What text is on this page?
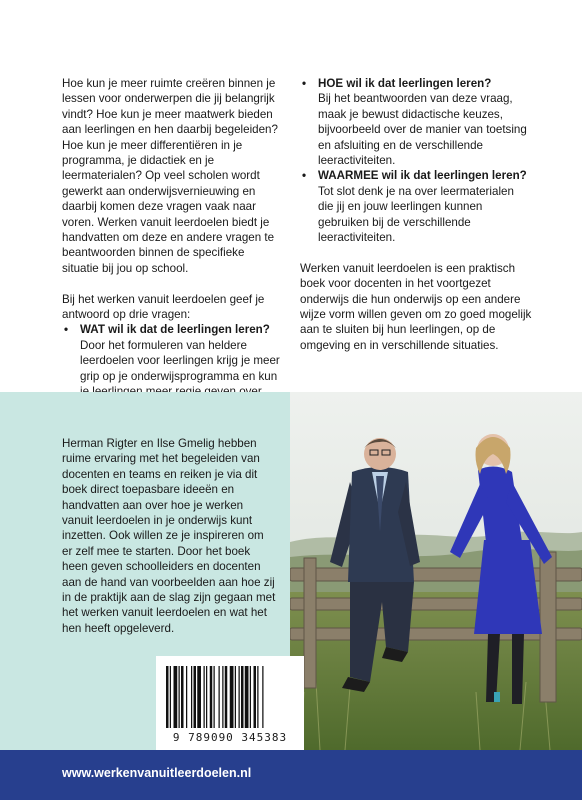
Hoe kun je meer ruimte creëren binnen je lessen voor onderwerpen die jij belangrijk vindt? Hoe kun je meer maatwerk bieden aan leerlingen en hen daarbij begeleiden? Hoe kun je meer differentiëren in je programma, je didactiek en je leermaterialen? Op veel scholen wordt gewerkt aan onderwijsvernieuwing en daarbij komen deze vragen vaak naar voren. Werken vanuit leerdoelen biedt je handvatten om deze en andere vragen te beantwoorden binnen de specifieke situatie bij jou op school.

Bij het werken vanuit leerdoelen geef je antwoord op drie vragen:

• WAT wil ik dat de leerlingen leren?
Door het formuleren van heldere leerdoelen voor leerlingen krijg je meer grip op je onderwijsprogramma en kun
• HOE wil ik dat leerlingen leren?
Bij het beantwoorden van deze vraag, maak je bewust didactische keuzes, bijvoorbeeld over de manier van toetsing en afsluiting en de verschillende leeractiviteiten.
• WAARMEE wil ik dat leerlingen leren?
Tot slot denk je na over leermaterialen die jij en jouw leerlingen kunnen gebruiken bij de verschillende leeractiviteiten.

Werken vanuit leerdoelen is een praktisch boek voor docenten in het voortgezet onderwijs die hun onderwijs op een andere wijze vorm willen geven om zo goed mogelijk aan te sluiten bij hun leerlingen, op de omgeving en in verschillende situaties.

Herman Rigter en Ilse Gmelig hebben ruime ervaring met het begeleiden van docenten en teams en reiken je via dit boek direct toepasbare ideeën en handvatten aan over hoe je werken vanuit leerdoelen in je onderwijs kunt inzetten. Ook willen ze je inspireren om er zelf mee te starten. Door het boek heen geven schoolleiders en docenten aan de hand van voorbeelden aan hoe zij in de praktijk aan de slag zijn gegaan met het werken vanuit leerdoelen en wat het hen heeft opgeleverd.

9 789090 345383
www.werkenvanuitleerdoelen.nl
